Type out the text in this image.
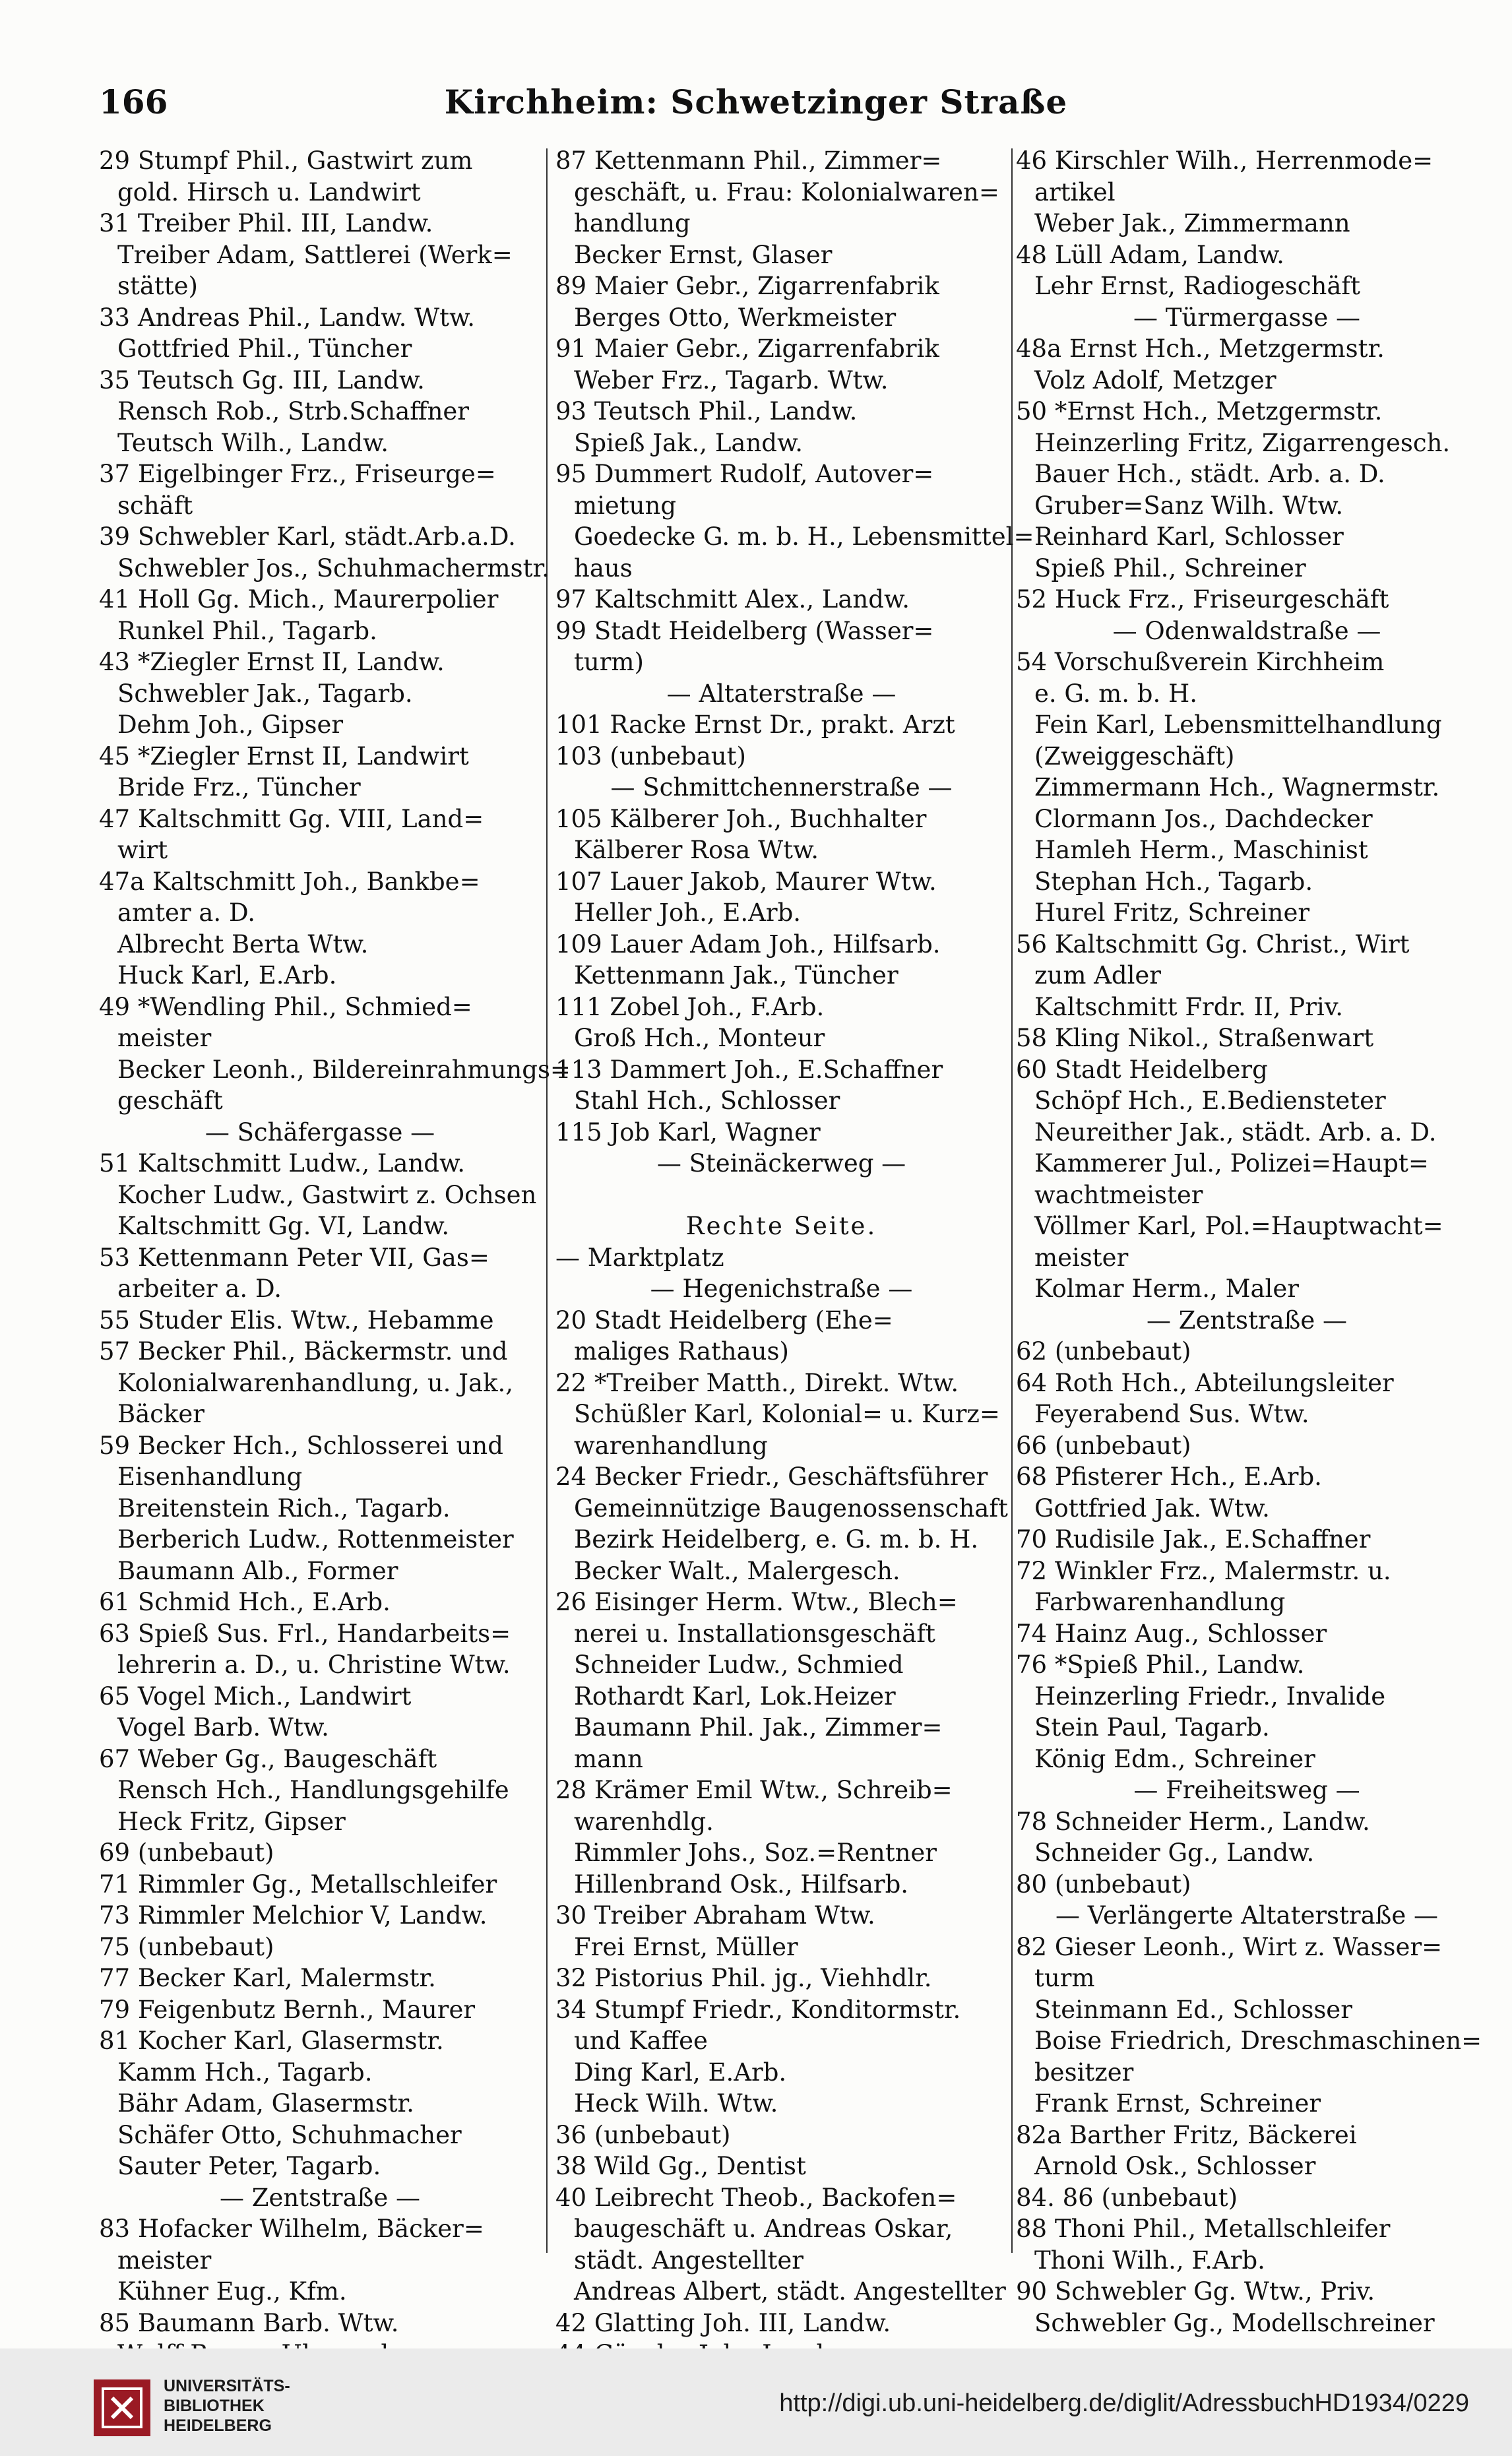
166	Kirchheim: Schwetzinger Straße
29 Stumpf Phil., Gastwirt zum
gold. Hirsch u. Landwirt
31 Treiber Phil. III, Landw.
Treiber Adam, Sattlerei (Werk=
stätte)
33 Andreas Phil., Landw. Wtw.
Gottfried Phil., Tüncher
35 Teutsch Gg. III, Landw.
Rensch Rob., Strb.Schaffner
Teutsch Wilh., Landw.
37 Eigelbinger Frz., Friseurge=
schäft
39 Schwebler Karl, städt.Arb.a.D.
Schwebler Jos., Schuhmachermstr.
41 Holl Gg. Mich., Maurerpolier
Runkel Phil., Tagarb.
43 *Ziegler Ernst II, Landw.
Schwebler Jak., Tagarb.
Dehm Joh., Gipser
45 *Ziegler Ernst II, Landwirt
Bride Frz., Tüncher
47 Kaltschmitt Gg. VIII, Land=
wirt
47a Kaltschmitt Joh., Bankbe=
amter a. D.
Albrecht Berta Wtw.
Huck Karl, E.Arb.
49 *Wendling Phil., Schmied=
meister
Becker Leonh., Bildereinrahmungs=
geschäft
— Schäfergasse —
51 Kaltschmitt Ludw., Landw.
Kocher Ludw., Gastwirt z. Ochsen
Kaltschmitt Gg. VI, Landw.
53 Kettenmann Peter VII, Gas=
arbeiter a. D.
55 Studer Elis. Wtw., Hebamme
57 Becker Phil., Bäckermstr. und
Kolonialwarenhandlung, u. Jak.,
Bäcker
59 Becker Hch., Schlosserei und
Eisenhandlung
Breitenstein Rich., Tagarb.
Berberich Ludw., Rottenmeister
Baumann Alb., Former
61 Schmid Hch., E.Arb.
63 Spieß Sus. Frl., Handarbeits=
lehrerin a. D., u. Christine Wtw.
65 Vogel Mich., Landwirt
Vogel Barb. Wtw.
67 Weber Gg., Baugeschäft
Rensch Hch., Handlungsgehilfe
Heck Fritz, Gipser
69 (unbebaut)
71 Rimmler Gg., Metallschleifer
73 Rimmler Melchior V, Landw.
75 (unbebaut)
77 Becker Karl, Malermstr.
79 Feigenbutz Bernh., Maurer
81 Kocher Karl, Glasermstr.
Kamm Hch., Tagarb.
Bähr Adam, Glasermstr.
Schäfer Otto, Schuhmacher
Sauter Peter, Tagarb.
— Zentstraße —
83 Hofacker Wilhelm, Bäcker=
meister
Kühner Eug., Kfm.
85 Baumann Barb. Wtw.
87 Kettenmann Phil., Zimmer=
geschäft, u. Frau: Kolonialwaren=
handlung
Becker Ernst, Glaser
89 Maier Gebr., Zigarrenfabrik
Berges Otto, Werkmeister
91 Maier Gebr., Zigarrenfabrik
Weber Frz., Tagarb. Wtw.
93 Teutsch Phil., Landw.
Spieß Jak., Landw.
95 Dummert Rudolf, Autover=
mietung
Goedecke G. m. b. H., Lebensmittel=
haus
97 Kaltschmitt Alex., Landw.
99 Stadt Heidelberg (Wasser=
turm)
— Altaterstraße —
101 Racke Ernst Dr., prakt. Arzt
103 (unbebaut)
— Schmittchennerstraße —
105 Kälberer Joh., Buchhalter
Kälberer Rosa Wtw.
107 Lauer Jakob, Maurer Wtw.
Heller Joh., E.Arb.
109 Lauer Adam Joh., Hilfsarb.
Kettenmann Jak., Tüncher
111 Zobel Joh., F.Arb.
Groß Hch., Monteur
113 Dammert Joh., E.Schaffner
Stahl Hch., Schlosser
115 Job Karl, Wagner
— Steinäckerweg —
Rechte Seite.
— Marktplatz
— Hegenichstraße —
20 Stadt Heidelberg (Ehe=
maliges Rathaus)
22 *Treiber Matth., Direkt. Wtw.
Schüßler Karl, Kolonial= u. Kurz=
warenhandlung
24 Becker Friedr., Geschäftsführer
Gemeinnützige Baugenossenschaft
Bezirk Heidelberg, e. G. m. b. H.
Becker Walt., Malergesch.
26 Eisinger Herm. Wtw., Blech=
nerei u. Installationsgeschäft
Schneider Ludw., Schmied
Rothardt Karl, Lok.Heizer
Baumann Phil. Jak., Zimmer=
mann
28 Krämer Emil Wtw., Schreib=
warenhdlg.
Rimmler Johs., Soz.=Rentner
Hillenbrand Osk., Hilfsarb.
30 Treiber Abraham Wtw.
Frei Ernst, Müller
32 Pistorius Phil. jg., Viehhdlr.
34 Stumpf Friedr., Konditormstr.
und Kaffee
Ding Karl, E.Arb.
Heck Wilh. Wtw.
36 (unbebaut)
38 Wild Gg., Dentist
40 Leibrecht Theob., Backofen=
baugeschäft u. Andreas Oskar,
städt. Angestellter
Andreas Albert, städt. Angestellter
42 Glatting Joh. III, Landw.
46 Kirschler Wilh., Herrenmode=
artikel
Weber Jak., Zimmermann
48 Lüll Adam, Landw.
Lehr Ernst, Radiogeschäft
— Türmergasse —
48a Ernst Hch., Metzgermstr.
Volz Adolf, Metzger
50 *Ernst Hch., Metzgermstr.
Heinzerling Fritz, Zigarrengesch.
Bauer Hch., städt. Arb. a. D.
Gruber=Sanz Wilh. Wtw.
Reinhard Karl, Schlosser
Spieß Phil., Schreiner
52 Huck Frz., Friseurgeschäft
— Odenwaldstraße —
54 Vorschußverein Kirchheim
e. G. m. b. H.
Fein Karl, Lebensmittelhandlung
(Zweiggeschäft)
Zimmermann Hch., Wagnermstr.
Clormann Jos., Dachdecker
Hamleh Herm., Maschinist
Stephan Hch., Tagarb.
Hurel Fritz, Schreiner
56 Kaltschmitt Gg. Christ., Wirt
zum Adler
Kaltschmitt Frdr. II, Priv.
58 Kling Nikol., Straßenwart
60 Stadt Heidelberg
Schöpf Hch., E.Bediensteter
Neureither Jak., städt. Arb. a. D.
Kammerer Jul., Polizei=Haupt=
wachtmeister
Völlmer Karl, Pol.=Hauptwacht=
meister
Kolmar Herm., Maler
— Zentstraße —
62 (unbebaut)
64 Roth Hch., Abteilungsleiter
Feyerabend Sus. Wtw.
66 (unbebaut)
68 Pfisterer Hch., E.Arb.
Gottfried Jak. Wtw.
70 Rudisile Jak., E.Schaffner
72 Winkler Frz., Malermstr. u.
Farbwarenhandlung
74 Hainz Aug., Schlosser
76 *Spieß Phil., Landw.
Heinzerling Friedr., Invalide
Stein Paul, Tagarb.
König Edm., Schreiner
— Freiheitsweg —
78 Schneider Herm., Landw.
Schneider Gg., Landw.
80 (unbebaut)
— Verlängerte Altaterstraße —
82 Gieser Leonh., Wirt z. Wasser=
turm
Steinmann Ed., Schlosser
Boise Friedrich, Dreschmaschinen=
besitzer
Frank Ernst, Schreiner
82a Barther Fritz, Bäckerei
Arnold Osk., Schlosser
84. 86 (unbebaut)
88 Thoni Phil., Metallschleifer
Thoni Wilh., F.Arb.
90 Schwebler Gg. Wtw., Priv.
Schwebler Gg., Modellschreiner
UNIVERSITÄTS-
BIBLIOTHEK
HEIDELBERG
http://digi.ub.uni-heidelberg.de/diglit/AdressbuchHD1934/0229
